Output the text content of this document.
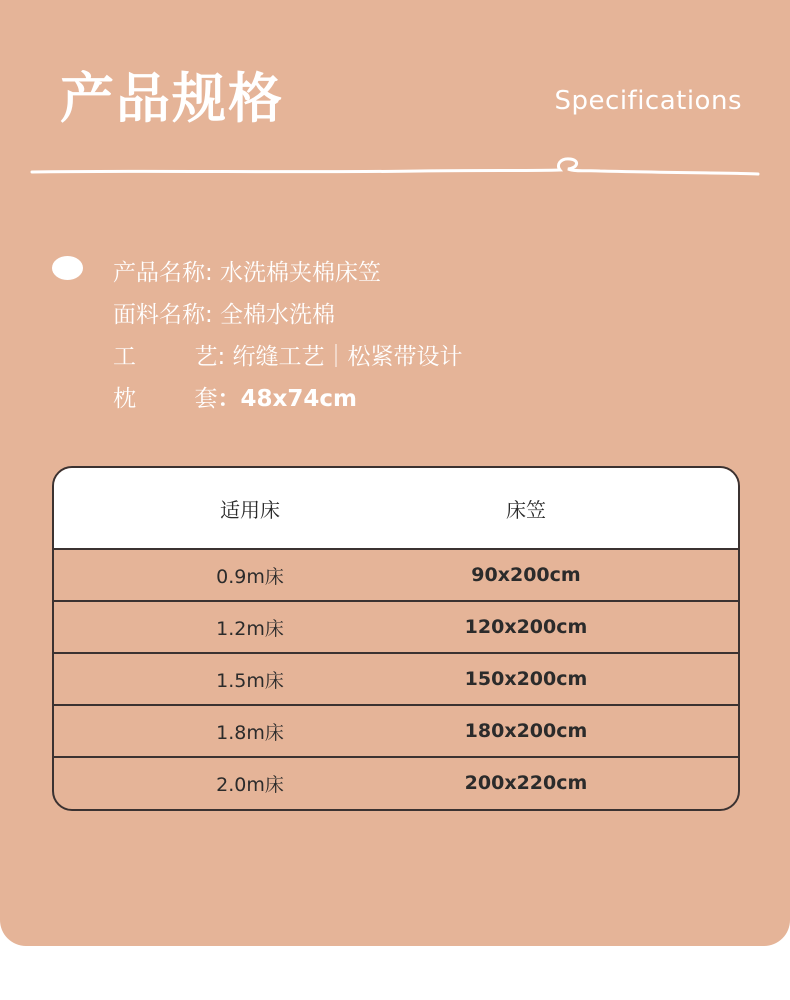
产品规格	Specifications
产品名称: 水洗棉夹棉床笠
面料名称: 全棉水洗棉
工        艺: 绗缝工艺｜松紧带设计
枕        套：48x74cm
适用床	床笠
0.9m床	90x200cm
1.2m床	120x200cm
1.5m床	150x200cm
1.8m床	180x200cm
2.0m床	200x220cm
